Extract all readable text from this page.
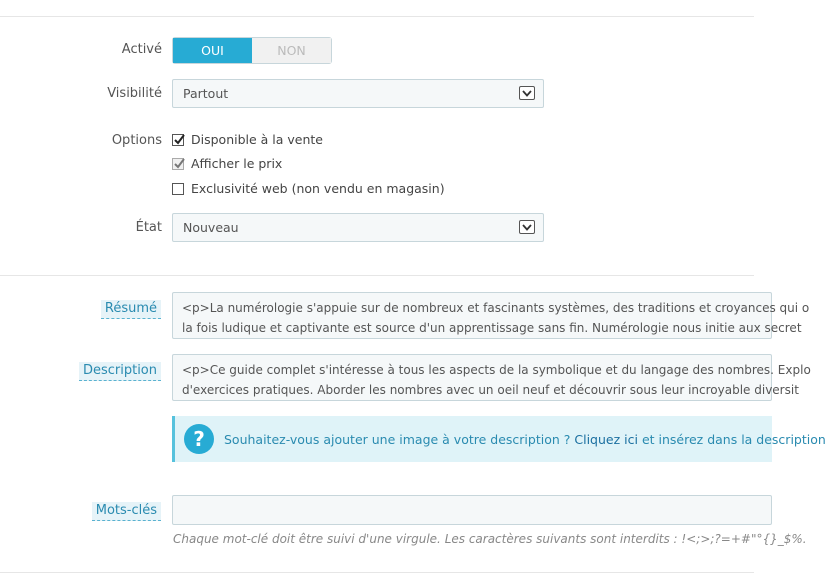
Activé	OUI	NON
Visibilité Partout
Options Disponible à la vente
Afficher le prix
Exclusivité web (non vendu en magasin)
État Nouveau
Résumé	<p>La numérologie s'appuie sur de nombreux et fascinants systèmes, des traditions et croyances qui o
la fois ludique et captivante est source d'un apprentissage sans fin. Numérologie nous initie aux secret
Description	<p>Ce guide complet s'intéresse à tous les aspects de la symbolique et du langage des nombres. Explo
d'exercices pratiques. Aborder les nombres avec un oeil neuf et découvrir sous leur incroyable diversit
?	Souhaitez-vous ajouter une image à votre description ? Cliquez ici et insérez dans la description
Mots-clés
Chaque mot-clé doit être suivi d'une virgule. Les caractères suivants sont interdits : !<;>;?=+#"°{}_$%.
